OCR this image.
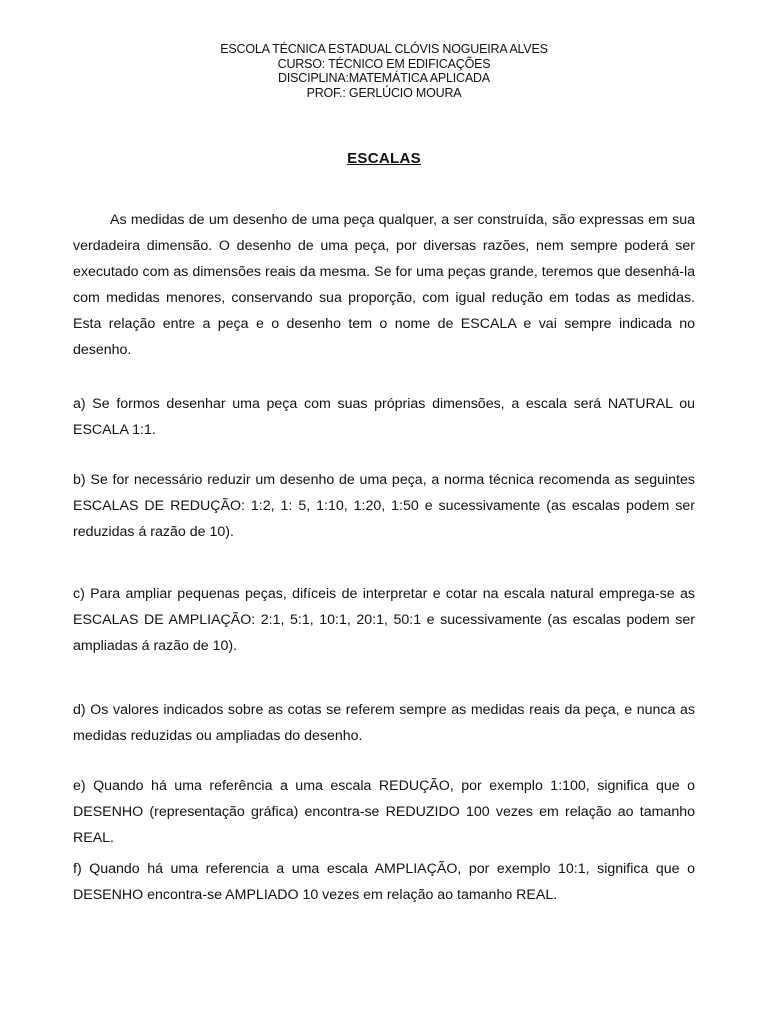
ESCOLA TÉCNICA ESTADUAL CLÓVIS NOGUEIRA ALVES
CURSO: TÉCNICO EM EDIFICAÇÕES
DISCIPLINA:MATEMÁTICA APLICADA
PROF.: GERLÚCIO MOURA
ESCALAS

As medidas de um desenho de uma peça qualquer, a ser construída, são expressas em sua verdadeira dimensão. O desenho de uma peça, por diversas razões, nem sempre poderá ser executado com as dimensões reais da mesma. Se for uma peças grande, teremos que desenhá-la com medidas menores, conservando sua proporção, com igual redução em todas as medidas. Esta relação entre a peça e o desenho tem o nome de ESCALA e vai sempre indicada no desenho.

a) Se formos desenhar uma peça com suas próprias dimensões, a escala será NATURAL ou ESCALA 1:1.

b) Se for necessário reduzir um desenho de uma peça, a norma técnica recomenda as seguintes ESCALAS DE REDUÇÃO: 1:2, 1: 5, 1:10, 1:20, 1:50 e sucessivamente (as escalas podem ser reduzidas á razão de 10).

c) Para ampliar pequenas peças, difíceis de interpretar e cotar na escala natural emprega-se as ESCALAS DE AMPLIAÇÃO: 2:1, 5:1, 10:1, 20:1, 50:1 e sucessivamente (as escalas podem ser ampliadas á razão de 10).

d) Os valores indicados sobre as cotas se referem sempre as medidas reais da peça, e nunca as medidas reduzidas ou ampliadas do desenho.

e) Quando há uma referência a uma escala REDUÇÃO, por exemplo 1:100, significa que o DESENHO (representação gráfica) encontra-se REDUZIDO 100 vezes em relação ao tamanho REAL.

f) Quando há uma referencia a uma escala AMPLIAÇÃO, por exemplo 10:1, significa que o DESENHO encontra-se AMPLIADO 10 vezes em relação ao tamanho REAL.
